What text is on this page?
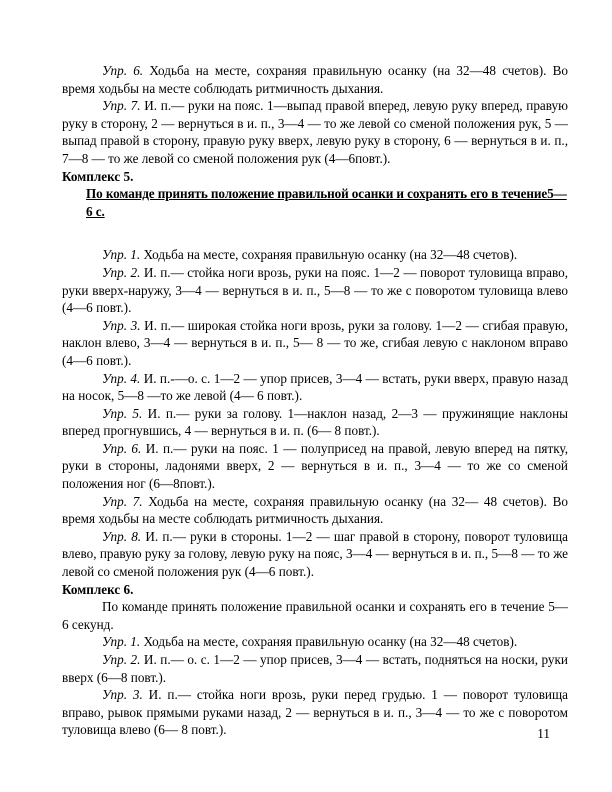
Упр. 6. Ходьба на месте, сохраняя правильную осанку (на 32—48 счетов). Во время ходьбы на месте соблюдать ритмичность дыхания.

Упр. 7. И. п.— руки на пояс. 1—выпад правой вперед, левую руку вперед, правую руку в сторону, 2 — вернуться в и. п., 3—4 — то же левой со сменой положения рук, 5 — выпад правой в сторону, правую руку вверх, левую руку в сторону, 6 — вернуться в и. п., 7—8 — то же левой со сменой положения рук (4—6повт.).

Комплекс 5.

По команде принять положение правильной осанки и сохранять его в течение5—6 с.

Упр. 1. Ходьба на месте, сохраняя правильную осанку (на 32—48 счетов).

Упр. 2. И. п.— стойка ноги врозь, руки на пояс. 1—2 — поворот туловища вправо, руки вверх-наружу, 3—4 — вернуться в и. п., 5—8 — то же с поворотом туловища влево (4—6 повт.).

Упр. 3. И. п.— широкая стойка ноги врозь, руки за голову. 1—2 — сгибая правую, наклон влево, 3—4 — вернуться в и. п., 5— 8 — то же, сгибая левую с наклоном вправо (4—6 повт.).

Упр. 4. И. п.-—о. с. 1—2 — упор присев, 3—4 — встать, руки вверх, правую назад на носок, 5—8 —то же левой (4— 6 повт.).

Упр. 5. И. п.— руки за голову. 1—наклон назад, 2—3 — пружинящие наклоны вперед прогнувшись, 4 — вернуться в и. п. (6— 8 повт.).

Упр. 6. И. п.— руки на пояс. 1 — полуприсед на правой, левую вперед на пятку, руки в стороны, ладонями вверх, 2 — вернуться в и. п., 3—4 — то же со сменой положения ног (6—8повт.).

Упр. 7. Ходьба на месте, сохраняя правильную осанку (на 32— 48 счетов). Во время ходьбы на месте соблюдать ритмичность дыхания.

Упр. 8. И. п.— руки в стороны. 1—2 — шаг правой в сторону, поворот туловища влево, правую руку за голову, левую руку на пояс, 3—4 — вернуться в и. п., 5—8 — то же левой со сменой положения рук (4—6 повт.).

Комплекс 6.

По команде принять положение правильной осанки и сохранять его в течение 5—6 секунд.

Упр. 1. Ходьба на месте, сохраняя правильную осанку (на 32—48 счетов).

Упр. 2. И. п.— о. с. 1—2 — упор присев, 3—4 — встать, подняться на носки, руки вверх (6—8 повт.).

Упр. 3. И. п.— стойка ноги врозь, руки перед грудью. 1 — поворот туловища вправо, рывок прямыми руками назад, 2 — вернуться в и. п., 3—4 — то же с поворотом туловища влево (6— 8 повт.).	11
